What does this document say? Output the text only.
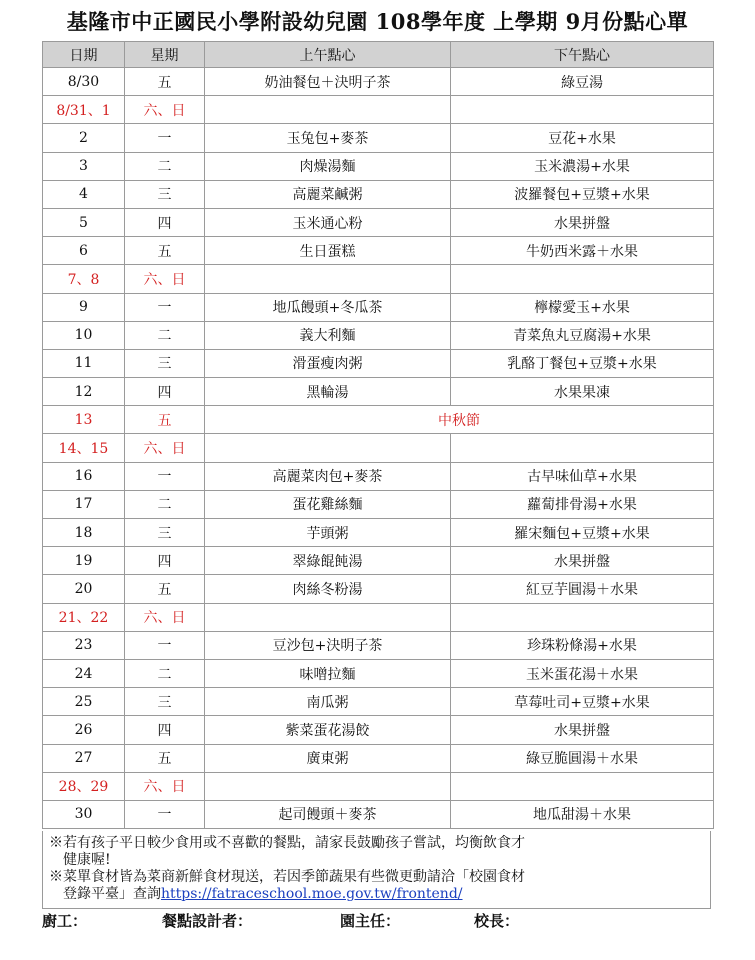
基隆市中正國民小學附設幼兒園 108學年度 上學期 9月份點心單
日期	星期	上午點心	下午點心
8/30	五	奶油餐包＋決明子茶	綠豆湯
8/31、1	六、日		
2	一	玉兔包+麥茶	豆花+水果
3	二	肉燥湯麵	玉米濃湯+水果
4	三	高麗菜鹹粥	波羅餐包+豆漿+水果
5	四	玉米通心粉	水果拼盤
6	五	生日蛋糕	牛奶西米露＋水果
7、8	六、日		
9	一	地瓜饅頭+冬瓜茶	檸檬愛玉+水果
10	二	義大利麵	青菜魚丸豆腐湯+水果
11	三	滑蛋瘦肉粥	乳酪丁餐包+豆漿+水果
12	四	黑輪湯	水果果凍
13	五	中秋節	
14、15	六、日		
16	一	高麗菜肉包+麥茶	古早味仙草+水果
17	二	蛋花雞絲麵	蘿蔔排骨湯+水果
18	三	芋頭粥	羅宋麵包+豆漿+水果
19	四	翠綠餛飩湯	水果拼盤
20	五	肉絲冬粉湯	紅豆芋圓湯＋水果
21、22	六、日		
23	一	豆沙包+決明子茶	珍珠粉條湯+水果
24	二	味噌拉麵	玉米蛋花湯＋水果
25	三	南瓜粥	草莓吐司+豆漿+水果
26	四	紫菜蛋花湯餃	水果拼盤
27	五	廣東粥	綠豆脆圓湯＋水果
28、29	六、日		
30	一	起司饅頭＋麥茶	地瓜甜湯＋水果

※若有孩子平日較少食用或不喜歡的餐點，請家長鼓勵孩子嘗試，均衡飲食才

健康喔!

※菜單食材皆為菜商新鮮食材現送，若因季節蔬果有些微更動請洽「校園食材

登錄平臺」查詢https://fatraceschool.moe.gov.tw/frontend/

廚工：	餐點設計者：	園主任：	校長：
